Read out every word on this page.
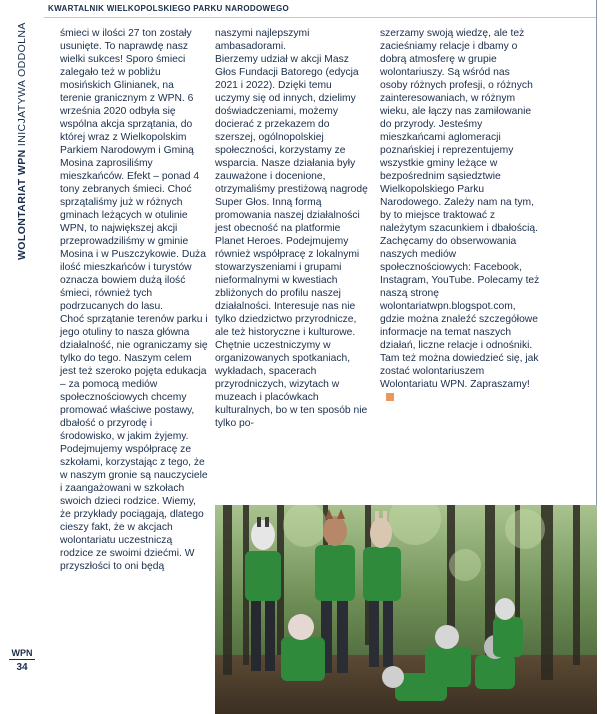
KWARTALNIK WIELKOPOLSKIEGO PARKU NARODOWEGO
WOLONTARIAT WPN INICJATYWA ODDOLNA
WPN
34

śmieci w ilości 27 ton zostały usunięte. To naprawdę nasz wielki sukces! Sporo śmieci zalegało też w pobliżu mosińskich Glinianek, na terenie granicznym z WPN. 6 września 2020 odbyła się wspólna akcja sprzątania, do której wraz z Wielkopolskim Parkiem Narodowym i Gminą Mosina zaprosiliśmy mieszkańców. Efekt – ponad 4 tony zebranych śmieci. Choć sprzątaliśmy już w różnych gminach leżących w otulinie WPN, to największej akcji przeprowadziliśmy w gminie Mosina i w Puszczykowie. Duża ilość mieszkańców i turystów oznacza bowiem dużą ilość śmieci, również tych podrzucanych do lasu.

Choć sprzątanie terenów parku i jego otuliny to nasza główna działalność, nie ograniczamy się tylko do tego. Naszym celem jest też szeroko pojęta edukacja – za pomocą mediów społecznościowych chcemy promować właściwe postawy, dbałość o przyrodę i środowisko, w jakim żyjemy. Podejmujemy współpracę ze szkołami, korzystając z tego, że w naszym gronie są nauczyciele i zaangażowani w szkołach swoich dzieci rodzice. Wiemy, że przykłady pociągają, dlatego cieszy fakt, że w akcjach wolontariatu uczestniczą rodzice ze swoimi dziećmi. W przyszłości to oni będą

naszymi najlepszymi ambasadorami.

Bierzemy udział w akcji Masz Głos Fundacji Batorego (edycja 2021 i 2022). Dzięki temu uczymy się od innych, dzielimy doświadczeniami, możemy docierać z przekazem do szerszej, ogólnopolskiej społeczności, korzystamy ze wsparcia. Nasze działania były zauważone i docenione, otrzymaliśmy prestiżową nagrodę Super Głos. Inną formą promowania naszej działalności jest obecność na platformie Planet Heroes. Podejmujemy również współpracę z lokalnymi stowarzyszeniami i grupami nieformalnymi w kwestiach zbliżonych do profilu naszej działalności. Interesuje nas nie tylko dziedzictwo przyrodnicze, ale też historyczne i kulturowe. Chętnie uczestniczymy w organizowanych spotkaniach, wykładach, spacerach przyrodniczych, wizytach w muzeach i placówkach kulturalnych, bo w ten sposób nie tylko po-

szerzamy swoją wiedzę, ale też zacieśniamy relacje i dbamy o dobrą atmosferę w grupie wolontariuszy. Są wśród nas osoby różnych profesji, o różnych zainteresowaniach, w różnym wieku, ale łączy nas zamiłowanie do przyrody. Jesteśmy mieszkańcami aglomeracji poznańskiej i reprezentujemy wszystkie gminy leżące w bezpośrednim sąsiedztwie Wielkopolskiego Parku Narodowego. Zależy nam na tym, by to miejsce traktować z należytym szacunkiem i dbałością.

Zachęcamy do obserwowania naszych mediów społecznościowych: Facebook, Instagram, YouTube. Polecamy też naszą stronę wolontariatwpn.blogspot.com, gdzie można znaleźć szczegółowe informacje na temat naszych działań, liczne relacje i odnośniki. Tam też można dowiedzieć się, jak zostać wolontariuszem Wolontariatu WPN. Zapraszamy!
